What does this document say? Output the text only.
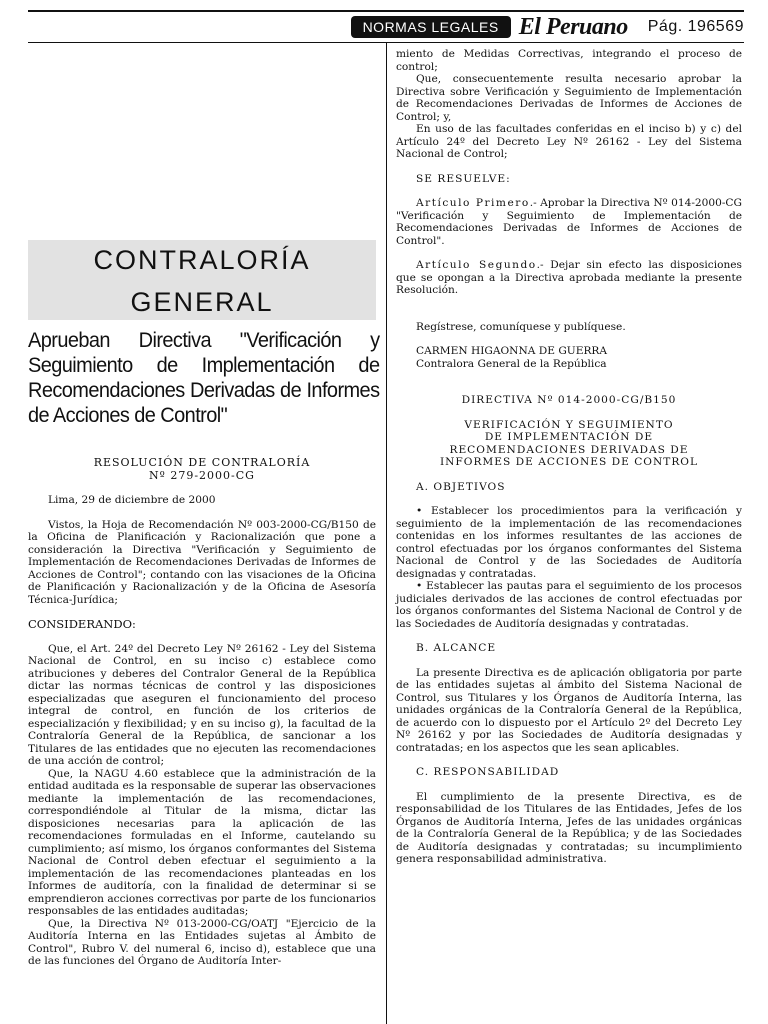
NORMAS LEGALES El Peruano Pág. 196569
CONTRALORÍA
GENERAL
Aprueban Directiva "Verificación y Seguimiento de Implementación de Recomendaciones Derivadas de Informes de Acciones de Control"
RESOLUCIÓN DE CONTRALORÍA
Nº 279-2000-CG

Lima, 29 de diciembre de 2000

Vistos, la Hoja de Recomendación Nº 003-2000-CG/B150 de la Oficina de Planificación y Racionalización que pone a consideración la Directiva "Verificación y Seguimiento de Implementación de Recomendaciones Derivadas de Informes de Acciones de Control"; contando con las visaciones de la Oficina de Planificación y Racionalización y de la Oficina de Asesoría Técnica-Jurídica;

CONSIDERANDO:

Que, el Art. 24º del Decreto Ley Nº 26162 - Ley del Sistema Nacional de Control, en su inciso c) establece como atribuciones y deberes del Contralor General de la República dictar las normas técnicas de control y las disposiciones especializadas que aseguren el funcionamiento del proceso integral de control, en función de los criterios de especialización y flexibilidad; y en su inciso g), la facultad de la Contraloría General de la República, de sancionar a los Titulares de las entidades que no ejecuten las recomendaciones de una acción de control;

Que, la NAGU 4.60 establece que la administración de la entidad auditada es la responsable de superar las observaciones mediante la implementación de las recomendaciones, correspondiéndole al Titular de la misma, dictar las disposiciones necesarias para la aplicación de las recomendaciones formuladas en el Informe, cautelando su cumplimiento; así mismo, los órganos conformantes del Sistema Nacional de Control deben efectuar el seguimiento a la implementación de las recomendaciones planteadas en los Informes de auditoría, con la finalidad de determinar si se emprendieron acciones correctivas por parte de los funcionarios responsables de las entidades auditadas;

Que, la Directiva Nº 013-2000-CG/OATJ "Ejercicio de la Auditoría Interna en las Entidades sujetas al Ámbito de Control", Rubro V. del numeral 6, inciso d), establece que una de las funciones del Órgano de Auditoría Inter-

miento de Medidas Correctivas, integrando el proceso de control;

Que, consecuentemente resulta necesario aprobar la Directiva sobre Verificación y Seguimiento de Implementación de Recomendaciones Derivadas de Informes de Acciones de Control; y,

En uso de las facultades conferidas en el inciso b) y c) del Artículo 24º del Decreto Ley Nº 26162 - Ley del Sistema Nacional de Control;

SE RESUELVE:

Artículo Primero.- Aprobar la Directiva Nº 014-2000-CG "Verificación y Seguimiento de Implementación de Recomendaciones Derivadas de Informes de Acciones de Control".

Artículo Segundo.- Dejar sin efecto las disposiciones que se opongan a la Directiva aprobada mediante la presente Resolución.

Regístrese, comuníquese y publíquese.

CARMEN HIGAONNA DE GUERRA

Contralora General de la República

DIRECTIVA Nº 014-2000-CG/B150

VERIFICACIÓN Y SEGUIMIENTO

DE IMPLEMENTACIÓN DE

RECOMENDACIONES DERIVADAS DE

INFORMES DE ACCIONES DE CONTROL

A. OBJETIVOS

• Establecer los procedimientos para la verificación y seguimiento de la implementación de las recomendaciones contenidas en los informes resultantes de las acciones de control efectuadas por los órganos conformantes del Sistema Nacional de Control y de las Sociedades de Auditoría designadas y contratadas.

• Establecer las pautas para el seguimiento de los procesos judiciales derivados de las acciones de control efectuadas por los órganos conformantes del Sistema Nacional de Control y de las Sociedades de Auditoría designadas y contratadas.

B. ALCANCE

La presente Directiva es de aplicación obligatoria por parte de las entidades sujetas al ámbito del Sistema Nacional de Control, sus Titulares y los Órganos de Auditoría Interna, las unidades orgánicas de la Contraloría General de la República, de acuerdo con lo dispuesto por el Artículo 2º del Decreto Ley Nº 26162 y por las Sociedades de Auditoría designadas y contratadas; en los aspectos que les sean aplicables.

C. RESPONSABILIDAD

El cumplimiento de la presente Directiva, es de responsabilidad de los Titulares de las Entidades, Jefes de los Órganos de Auditoría Interna, Jefes de las unidades orgánicas de la Contraloría General de la República; y de las Sociedades de Auditoría designadas y contratadas; su incumplimiento genera responsabilidad administrativa.
